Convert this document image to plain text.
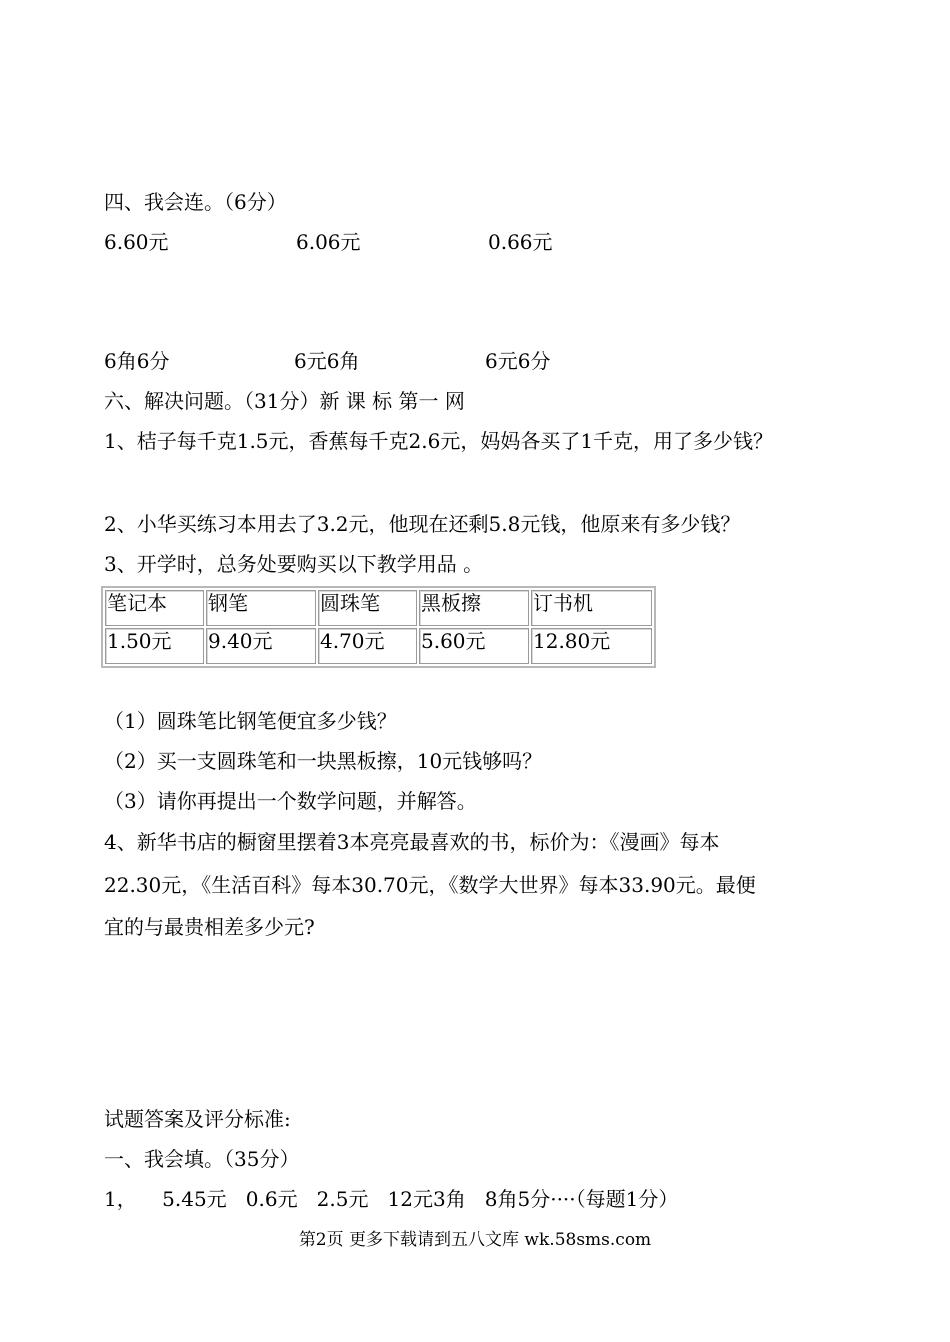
四、我会连。（6分）
6.60元	6.06元	0.66元
6角6分	6元6角	6元6分
六、解决问题。（31分）新 课 标 第一 网
1、桔子每千克1.5元，香蕉每千克2.6元，妈妈各买了1千克，用了多少钱？
2、小华买练习本用去了3.2元，他现在还剩5.8元钱，他原来有多少钱？
3、开学时，总务处要购买以下教学用品 。
笔记本	钢笔	圆珠笔	黑板擦	订书机
1.50元	9.40元	4.70元	5.60元	12.80元
（1）圆珠笔比钢笔便宜多少钱？
（2）买一支圆珠笔和一块黑板擦，10元钱够吗？
（3）请你再提出一个数学问题，并解答。
4、新华书店的橱窗里摆着3本亮亮最喜欢的书，标价为：《漫画》每本
22.30元，《生活百科》每本30.70元，《数学大世界》每本33.90元。最便
宜的与最贵相差多少元?
试题答案及评分标准:
一、我会填。（35分）
1，    5.45元   0.6元   2.5元   12元3角   8角5分····（每题1分）
第2页 更多下载请到五八文库 wk.58sms.com
